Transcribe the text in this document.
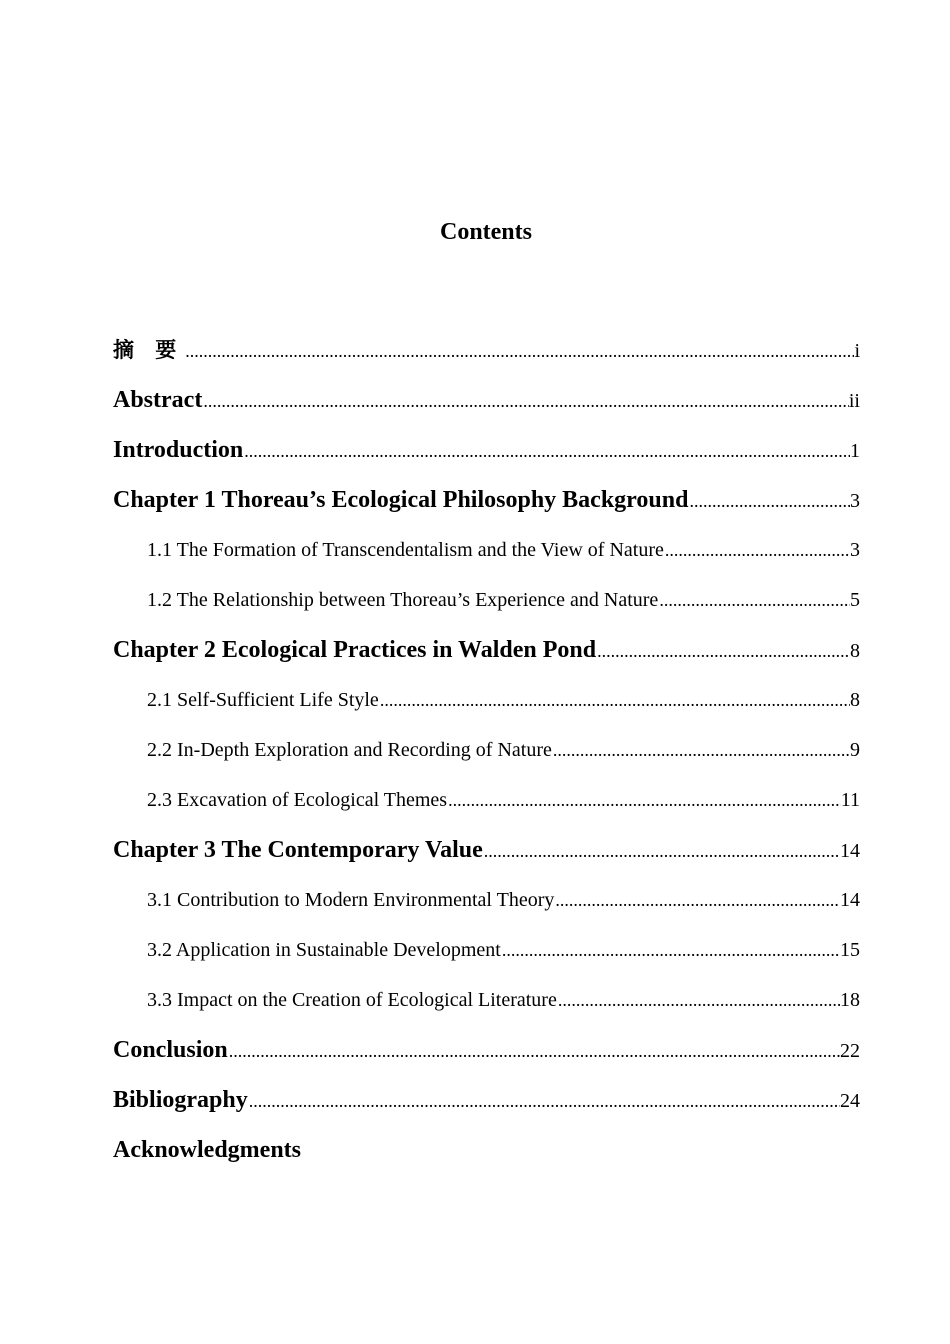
Contents
摘 要 .....	i
Abstract .....	ii
Introduction .....	1
Chapter 1 Thoreau’s Ecological Philosophy Background .....	3
1.1 The Formation of Transcendentalism and the View of Nature .....	3
1.2 The Relationship between Thoreau’s Experience and Nature .....	5
Chapter 2 Ecological Practices in Walden Pond .....	8
2.1 Self-Sufficient Life Style .....	8
2.2 In-Depth Exploration and Recording of Nature .....	9
2.3 Excavation of Ecological Themes .....	11
Chapter 3 The Contemporary Value .....	14
3.1 Contribution to Modern Environmental Theory .....	14
3.2 Application in Sustainable Development .....	15
3.3 Impact on the Creation of Ecological Literature .....	18
Conclusion .....	22
Bibliography .....	24
Acknowledgments
